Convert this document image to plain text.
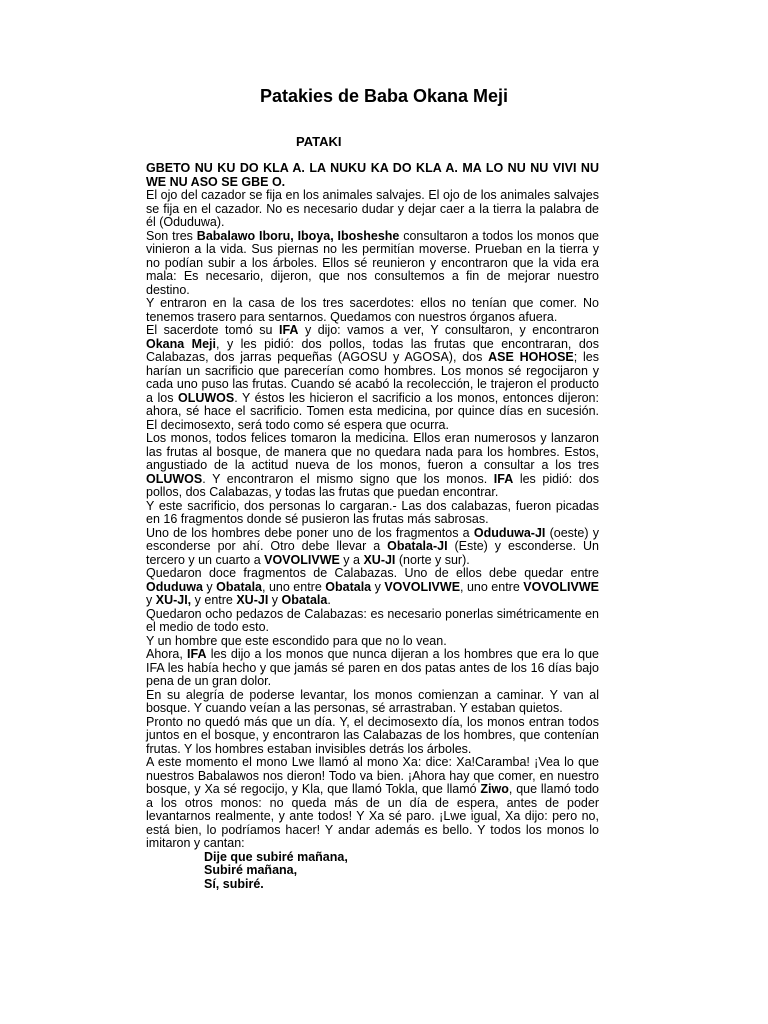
Patakies de Baba Okana Meji
PATAKI

GBETO NU KU DO KLA A. LA NUKU KA DO KLA A. MA LO NU NU VIVI NU WE NU ASO SE GBE O.

El ojo del cazador se fija en los animales salvajes. El ojo de los animales salvajes se fija en el cazador. No es necesario dudar y dejar caer a la tierra la palabra de él (Oduduwa).

Son tres Babalawo Iboru, Iboya, Ibosheshe consultaron a todos los monos que vinieron a la vida. Sus piernas no les permitían moverse. Prueban en la tierra y no podían subir a los árboles. Ellos sé reunieron y encontraron que la vida era mala: Es necesario, dijeron, que nos consultemos a fin de mejorar nuestro destino.

Y entraron en la casa de los tres sacerdotes: ellos no tenían que comer. No tenemos trasero para sentarnos. Quedamos con nuestros órganos afuera.

El sacerdote tomó su IFA y dijo: vamos a ver, Y consultaron, y encontraron Okana Meji, y les pidió: dos pollos, todas las frutas que encontraran, dos Calabazas, dos jarras pequeñas (AGOSU y AGOSA), dos ASE HOHOSE; les harían un sacrificio que parecerían como hombres. Los monos sé regocijaron y cada uno puso las frutas. Cuando sé acabó la recolección, le trajeron el producto a los OLUWOS. Y éstos les hicieron el sacrificio a los monos, entonces dijeron: ahora, sé hace el sacrificio. Tomen esta medicina, por quince días en sucesión. El decimosexto, será todo como sé espera que ocurra.

Los monos, todos felices tomaron la medicina. Ellos eran numerosos y lanzaron las frutas al bosque, de manera que no quedara nada para los hombres. Estos, angustiado de la actitud nueva de los monos, fueron a consultar a los tres OLUWOS. Y encontraron el mismo signo que los monos. IFA les pidió: dos pollos, dos Calabazas, y todas las frutas que puedan encontrar.

Y este sacrificio, dos personas lo cargaran.- Las dos calabazas, fueron picadas en 16 fragmentos donde sé pusieron las frutas más sabrosas.

Uno de los hombres debe poner uno de los fragmentos a Oduduwa-JI (oeste) y esconderse por ahí. Otro debe llevar a Obatala-JI (Este) y esconderse. Un tercero y un cuarto a VOVOLIVWE y a XU-JI (norte y sur).

Quedaron doce fragmentos de Calabazas. Uno de ellos debe quedar entre Oduduwa y Obatala, uno entre Obatala y VOVOLIVWE, uno entre VOVOLIVWE y XU-JI, y entre XU-JI y Obatala.

Quedaron ocho pedazos de Calabazas: es necesario ponerlas simétricamente en el medio de todo esto.

Y un hombre que este escondido para que no lo vean.

Ahora, IFA les dijo a los monos que nunca dijeran a los hombres que era lo que IFA les había hecho y que jamás sé paren en dos patas antes de los 16 días bajo pena de un gran dolor.

En su alegría de poderse levantar, los monos comienzan a caminar. Y van al bosque. Y cuando veían a las personas, sé arrastraban. Y estaban quietos.

Pronto no quedó más que un día. Y, el decimosexto día, los monos entran todos juntos en el bosque, y encontraron las Calabazas de los hombres, que contenían frutas. Y los hombres estaban invisibles detrás los árboles.

A este momento el mono Lwe llamó al mono Xa: dice: Xa!Caramba! ¡Vea lo que nuestros Babalawos nos dieron! Todo va bien. ¡Ahora hay que comer, en nuestro bosque, y Xa sé regocijo, y Kla, que llamó Tokla, que llamó Ziwo, que llamó todo a los otros monos: no queda más de un día de espera, antes de poder levantarnos realmente, y ante todos! Y Xa sé paro. ¡Lwe igual, Xa dijo: pero no, está bien, lo podríamos hacer! Y andar además es bello. Y todos los monos lo imitaron y cantan:

Dije que subiré mañana,
Subiré mañana,
Sí, subiré.
